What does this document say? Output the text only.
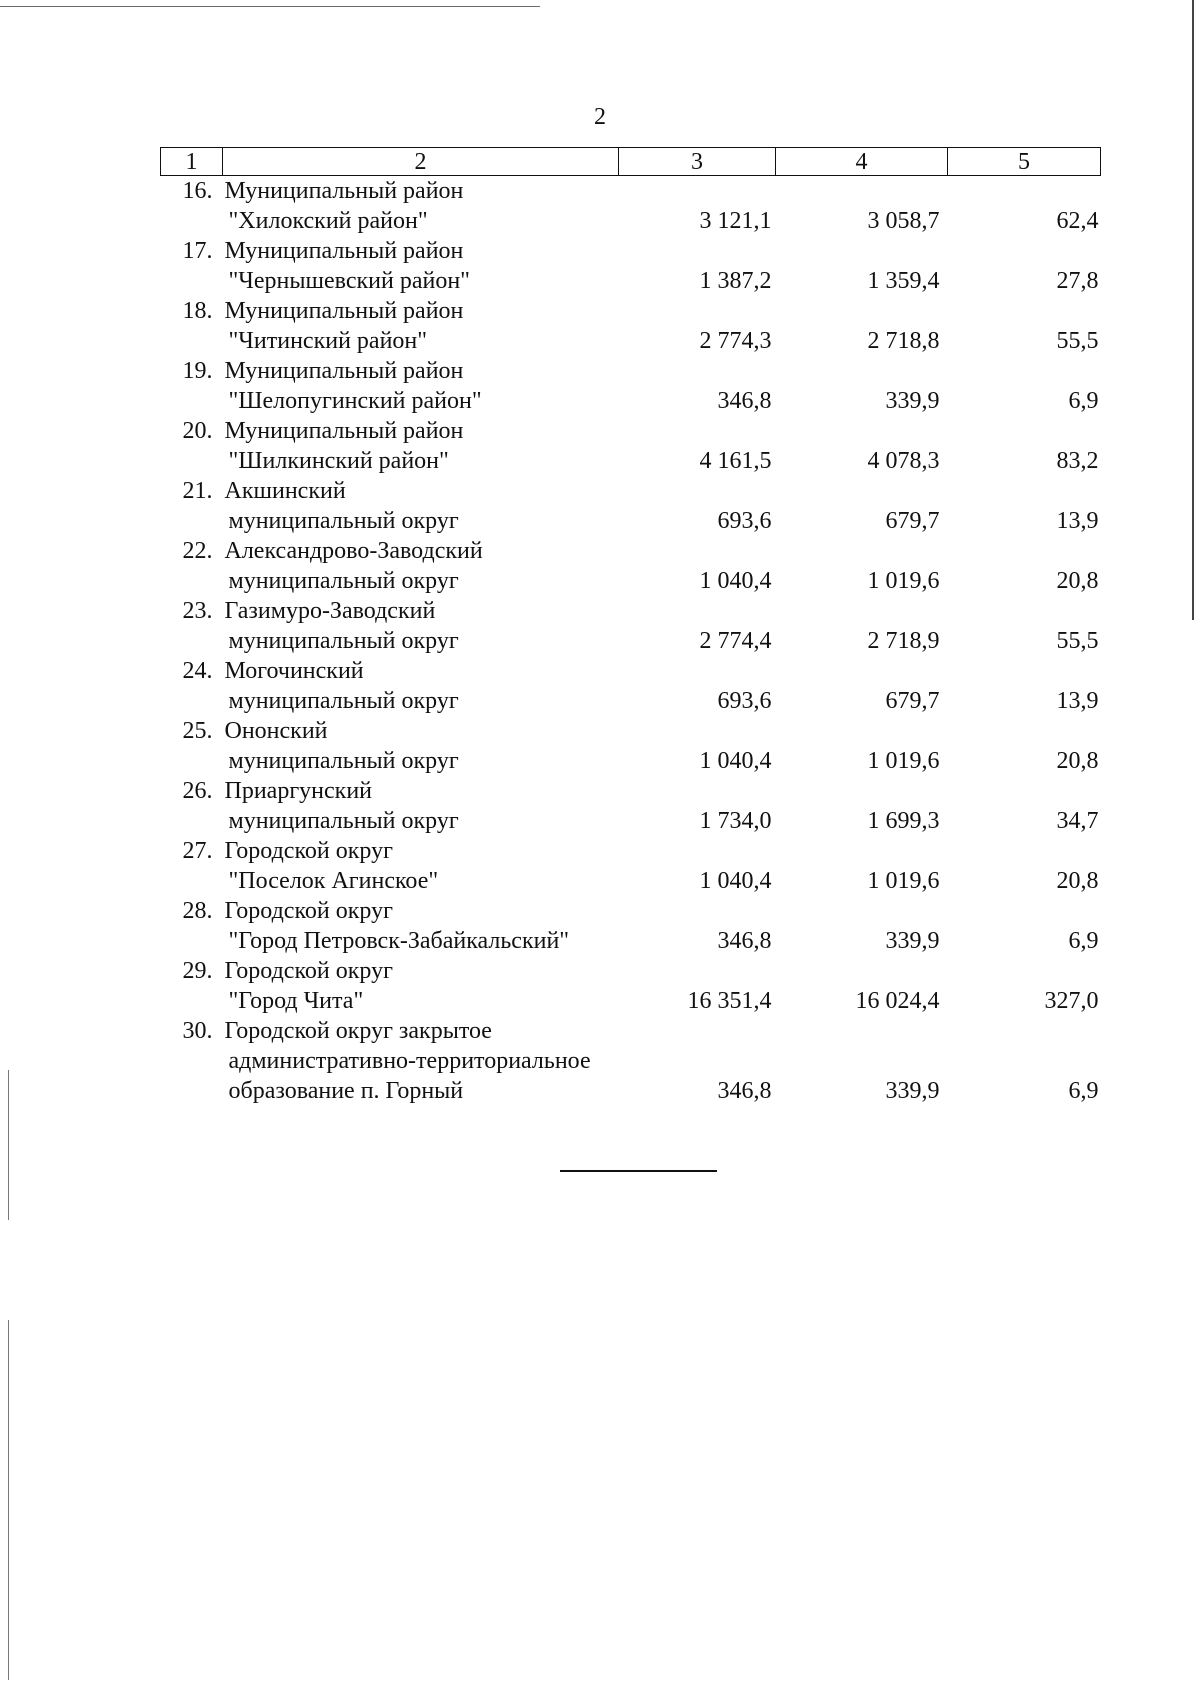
2
1	2	3	4	5
16.	Муниципальный район
"Хилокский район"	3 121,1	3 058,7	62,4
17.	Муниципальный район
"Чернышевский район"	1 387,2	1 359,4	27,8
18.	Муниципальный район
"Читинский район"	2 774,3	2 718,8	55,5
19.	Муниципальный район
"Шелопугинский район"	346,8	339,9	6,9
20.	Муниципальный район
"Шилкинский район"	4 161,5	4 078,3	83,2
21.	Акшинский
муниципальный округ	693,6	679,7	13,9
22.	Александрово-Заводский
муниципальный округ	1 040,4	1 019,6	20,8
23.	Газимуро-Заводский
муниципальный округ	2 774,4	2 718,9	55,5
24.	Могочинский
муниципальный округ	693,6	679,7	13,9
25.	Ононский
муниципальный округ	1 040,4	1 019,6	20,8
26.	Приаргунский
муниципальный округ	1 734,0	1 699,3	34,7
27.	Городской округ
"Поселок Агинское"	1 040,4	1 019,6	20,8
28.	Городской округ
"Город Петровск-Забайкальский"	346,8	339,9	6,9
29.	Городской округ
"Город Чита"	16 351,4	16 024,4	327,0
30.	Городской округ закрытое
административно-территориальное
образование п. Горный	346,8	339,9	6,9
